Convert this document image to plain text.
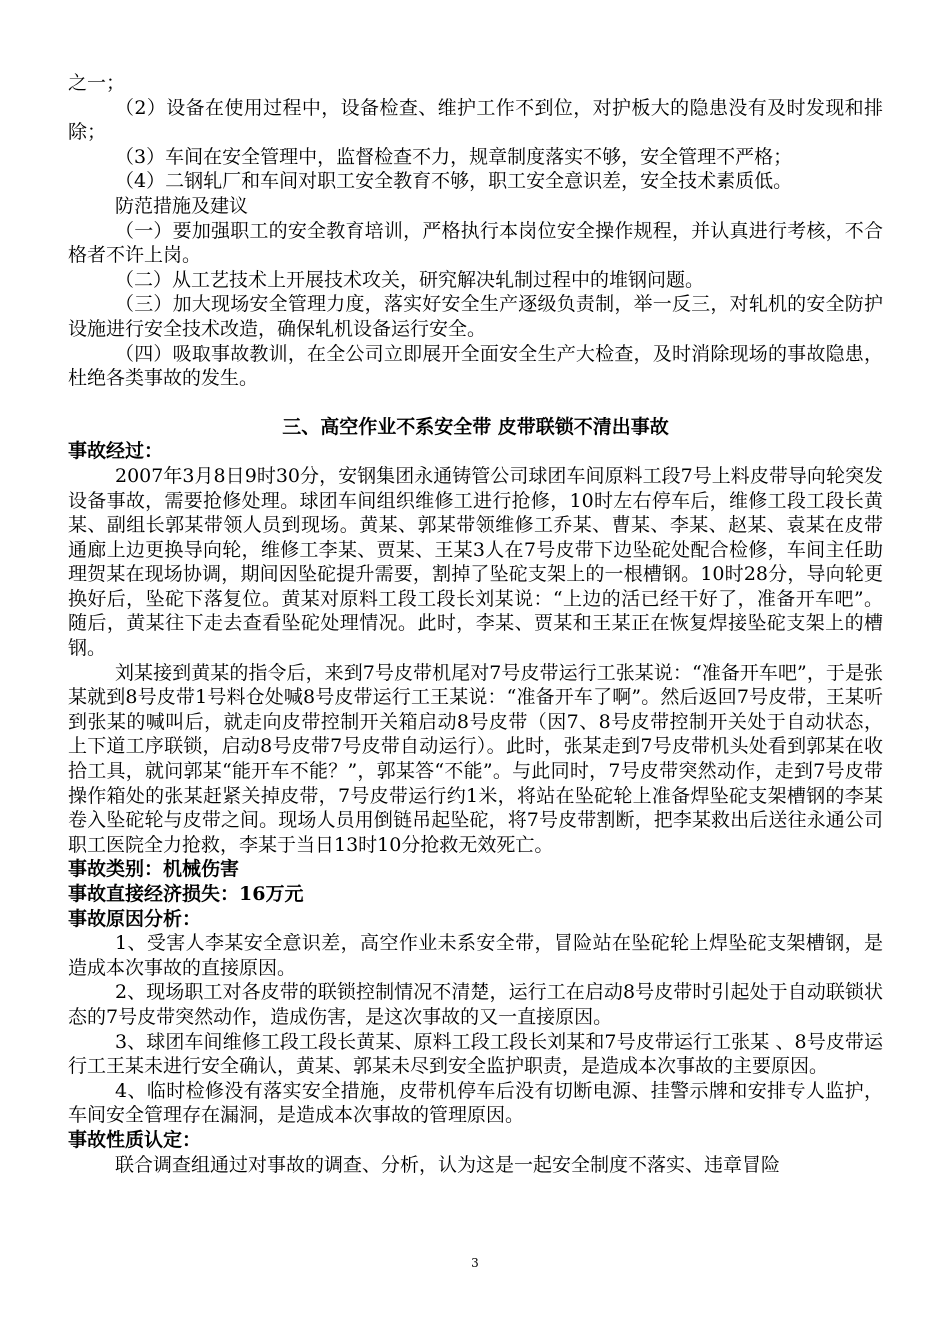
之一；

（2）设备在使用过程中，设备检查、维护工作不到位，对护板大的隐患没有及时发现和排除；

（3）车间在安全管理中，监督检查不力，规章制度落实不够，安全管理不严格；

（4）二钢轧厂和车间对职工安全教育不够，职工安全意识差，安全技术素质低。

防范措施及建议

（一）要加强职工的安全教育培训，严格执行本岗位安全操作规程，并认真进行考核，不合格者不许上岗。

（二）从工艺技术上开展技术攻关，研究解决轧制过程中的堆钢问题。

（三）加大现场安全管理力度，落实好安全生产逐级负责制，举一反三，对轧机的安全防护设施进行安全技术改造，确保轧机设备运行安全。

（四）吸取事故教训，在全公司立即展开全面安全生产大检查，及时消除现场的事故隐患，杜绝各类事故的发生。

三、高空作业不系安全带 皮带联锁不清出事故

事故经过：

2007年3月8日9时30分，安钢集团永通铸管公司球团车间原料工段7号上料皮带导向轮突发设备事故，需要抢修处理。球团车间组织维修工进行抢修，10时左右停车后，维修工段工段长黄某、副组长郭某带领人员到现场。黄某、郭某带领维修工乔某、曹某、李某、赵某、袁某在皮带通廊上边更换导向轮，维修工李某、贾某、王某3人在7号皮带下边坠砣处配合检修，车间主任助理贺某在现场协调，期间因坠砣提升需要，割掉了坠砣支架上的一根槽钢。10时28分，导向轮更换好后，坠砣下落复位。黄某对原料工段工段长刘某说：“上边的活已经干好了，准备开车吧”。随后，黄某往下走去查看坠砣处理情况。此时，李某、贾某和王某正在恢复焊接坠砣支架上的槽钢。

刘某接到黄某的指令后，来到7号皮带机尾对7号皮带运行工张某说：“准备开车吧”，于是张某就到8号皮带1号料仓处喊8号皮带运行工王某说：“准备开车了啊”。然后返回7号皮带，王某听到张某的喊叫后，就走向皮带控制开关箱启动8号皮带（因7、8号皮带控制开关处于自动状态，上下道工序联锁，启动8号皮带7号皮带自动运行）。此时，张某走到7号皮带机头处看到郭某在收拾工具，就问郭某“能开车不能？”，郭某答“不能”。与此同时，7号皮带突然动作，走到7号皮带操作箱处的张某赶紧关掉皮带，7号皮带运行约1米，将站在坠砣轮上准备焊坠砣支架槽钢的李某卷入坠砣轮与皮带之间。现场人员用倒链吊起坠砣，将7号皮带割断，把李某救出后送往永通公司职工医院全力抢救，李某于当日13时10分抢救无效死亡。

事故类别：机械伤害

事故直接经济损失：16万元

事故原因分析：

1、受害人李某安全意识差，高空作业未系安全带，冒险站在坠砣轮上焊坠砣支架槽钢，是造成本次事故的直接原因。

2、现场职工对各皮带的联锁控制情况不清楚，运行工在启动8号皮带时引起处于自动联锁状态的7号皮带突然动作，造成伤害，是这次事故的又一直接原因。

3、球团车间维修工段工段长黄某、原料工段工段长刘某和7号皮带运行工张某 、8号皮带运行工王某未进行安全确认，黄某、郭某未尽到安全监护职责，是造成本次事故的主要原因。

4、临时检修没有落实安全措施，皮带机停车后没有切断电源、挂警示牌和安排专人监护，车间安全管理存在漏洞，是造成本次事故的管理原因。

事故性质认定：

联合调查组通过对事故的调查、分析，认为这是一起安全制度不落实、违章冒险

3
